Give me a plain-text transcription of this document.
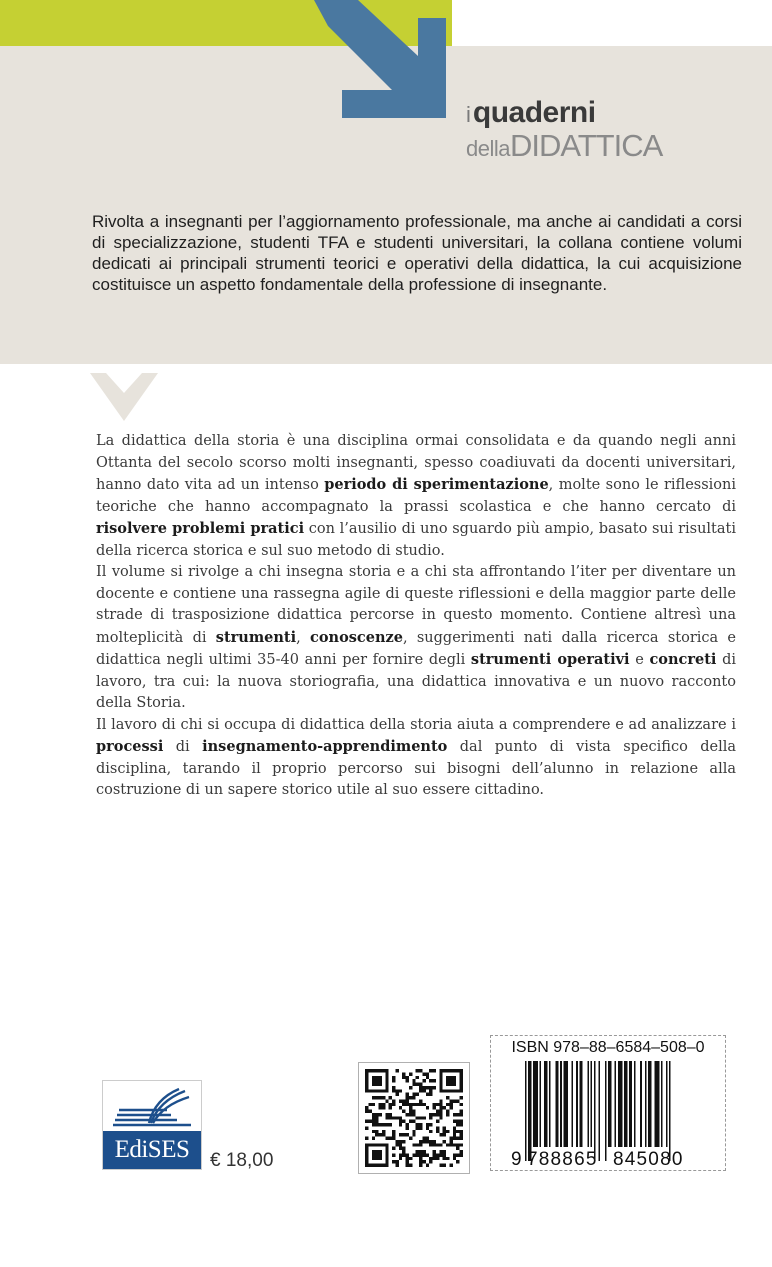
i quaderni
della DIDATTICA

Rivolta a insegnanti per l’aggiornamento professionale, ma anche ai candidati a corsi di specializzazione, studenti TFA e studenti universitari, la collana contiene volumi dedicati ai principali strumenti teorici e operativi della didattica, la cui acquisizione costituisce un aspetto fondamentale della professione di insegnante.

La didattica della storia è una disciplina ormai consolidata e da quando negli anni Ottanta del secolo scorso molti insegnanti, spesso coadiuvati da docenti universitari, hanno dato vita ad un intenso periodo di sperimentazione, molte sono le riflessioni teoriche che hanno accompagnato la prassi scolastica e che hanno cercato di risolvere problemi pratici con l’ausilio di uno sguardo più ampio, basato sui risultati della ricerca storica e sul suo metodo di studio.

Il volume si rivolge a chi insegna storia e a chi sta affrontando l’iter per diventare un docente e contiene una rassegna agile di queste riflessioni e della maggior parte delle strade di trasposizione didattica percorse in questo momento. Contiene altresì una molteplicità di strumenti, conoscenze, suggerimenti nati dalla ricerca storica e didattica negli ultimi 35-40 anni per fornire degli strumenti operativi e concreti di lavoro, tra cui: la nuova storiografia, una didattica innovativa e un nuovo racconto della Storia.

Il lavoro di chi si occupa di didattica della storia aiuta a comprendere e ad analizzare i processi di insegnamento-apprendimento dal punto di vista specifico della disciplina, tarando il proprio percorso sui bisogni dell’alunno in relazione alla costruzione di un sapere storico utile al suo essere cittadino.

EdiSES € 18,00
ISBN 978–88–6584–508–0
9 788865 845080
